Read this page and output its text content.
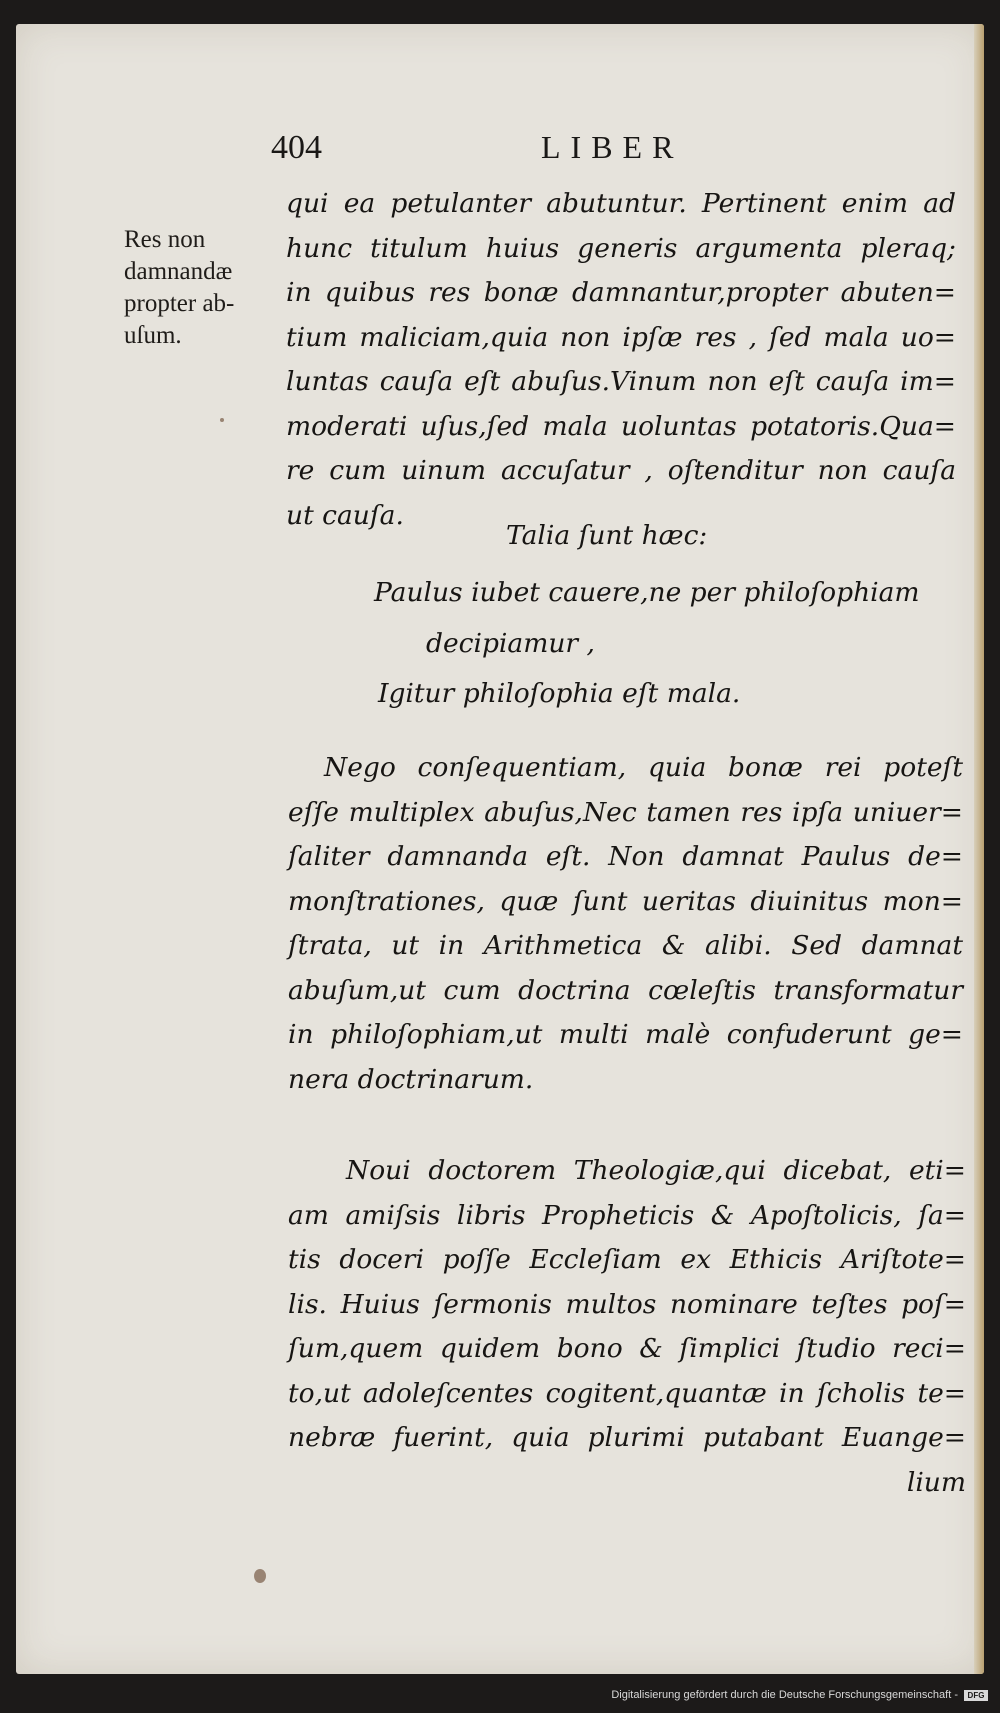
404	LIBER
Res non
damnandæ
propter ab-
uſum.
qui ea petulanter abutuntur. Pertinent enim ad
hunc titulum huius generis argumenta pleraq;
in quibus res bonæ damnantur,propter abuten=
tium maliciam,quia non ipſæ res , ſed mala uo=
luntas cauſa eſt abuſus.Vinum non eſt cauſa im=
moderati uſus,ſed mala uoluntas potatoris.Qua=
re cum uinum accuſatur , oſtenditur non cauſa
ut cauſa.
Talia ſunt hæc:
Paulus iubet cauere,ne per philoſophiam
decipiamur ,
Igitur philoſophia eſt mala.
Nego conſequentiam, quia bonæ rei poteſt
eſſe multiplex abuſus,Nec tamen res ipſa uniuer=
ſaliter damnanda eſt. Non damnat Paulus de=
monſtrationes, quæ ſunt ueritas diuinitus mon=
ſtrata, ut in Arithmetica & alibi. Sed damnat
abuſum,ut cum doctrina cœleſtis transformatur
in philoſophiam,ut multi malè confuderunt ge=
nera doctrinarum.
Noui doctorem Theologiæ,qui dicebat, eti=
am amiſsis libris Propheticis & Apoſtolicis, ſa=
tis doceri poſſe Eccleſiam ex Ethicis Ariſtote=
lis. Huius ſermonis multos nominare teſtes poſ=
ſum,quem quidem bono & ſimplici ſtudio reci=
to,ut adoleſcentes cogitent,quantæ in ſcholis te=
nebræ fuerint, quia plurimi putabant Euange=
lium
Digitalisierung gefördert durch die Deutsche Forschungsgemeinschaft -	DFG
